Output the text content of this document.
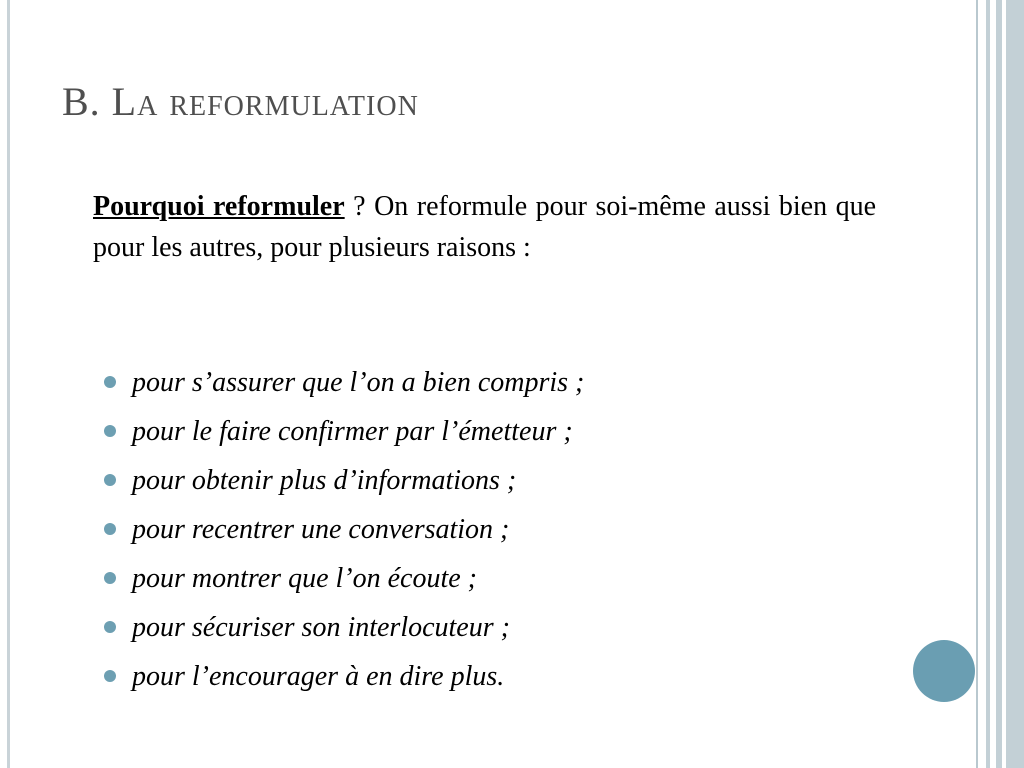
B. La reformulation
Pourquoi reformuler ? On reformule pour soi-même aussi bien que pour les autres, pour plusieurs raisons :
pour s’assurer que l’on a bien compris ;
pour le faire confirmer par l’émetteur ;
pour obtenir plus d’informations ;
pour recentrer une conversation ;
pour montrer que l’on écoute ;
pour sécuriser son interlocuteur ;
pour l’encourager à en dire plus.
